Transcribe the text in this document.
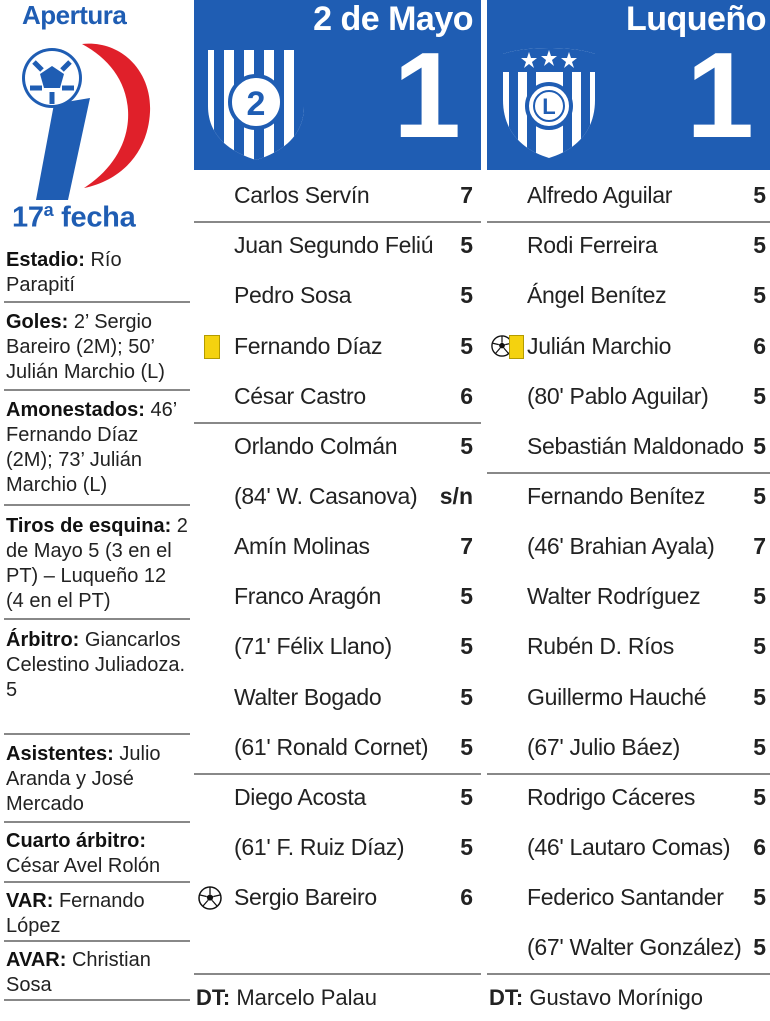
Apertura
17$^a$ fecha
Estadio: Río Parapití
Goles: 2’ Sergio Bareiro (2M); 50’ Julián Marchio (L)
Amonestados: 46’ Fernando Díaz (2M); 73’ Julián Marchio (L)
Tiros de esquina: 2 de Mayo 5 (3 en el PT) – Luqueño 12 (4 en el PT)
Árbitro: Giancarlos Celestino Juliadoza. 5
Asistentes: Julio Aranda y José Mercado
Cuarto árbitro: César Avel Rolón
VAR: Fernando López
AVAR: Christian Sosa
2 de Mayo
2 1
Carlos Servín	7
Juan Segundo Feliú 5
Pedro Sosa	5
Fernando Díaz	5
César Castro	6
Orlando Colmán	5
(84' W. Casanova) s/n
Amín Molinas	7
Franco Aragón	5
(71' Félix Llano)	5
Walter Bogado	5
(61' Ronald Cornet) 5
Diego Acosta	5
(61' F. Ruiz Díaz) 5
Sergio Bareiro	6
DT: Marcelo Palau
Luqueño
L 1
Alfredo Aguilar	5
Rodi Ferreira	5
Ángel Benítez	5
Julián Marchio	6
(80' Pablo Aguilar) 5
Sebastián Maldonado 5
Fernando Benítez 5
(46' Brahian Ayala) 7
Walter Rodríguez 5
Rubén D. Ríos	5
Guillermo Hauché 5
(67' Julio Báez)	5
Rodrigo Cáceres	5
(46' Lautaro Comas) 6
Federico Santander 5
(67' Walter González) 5
DT: Gustavo Morínigo
